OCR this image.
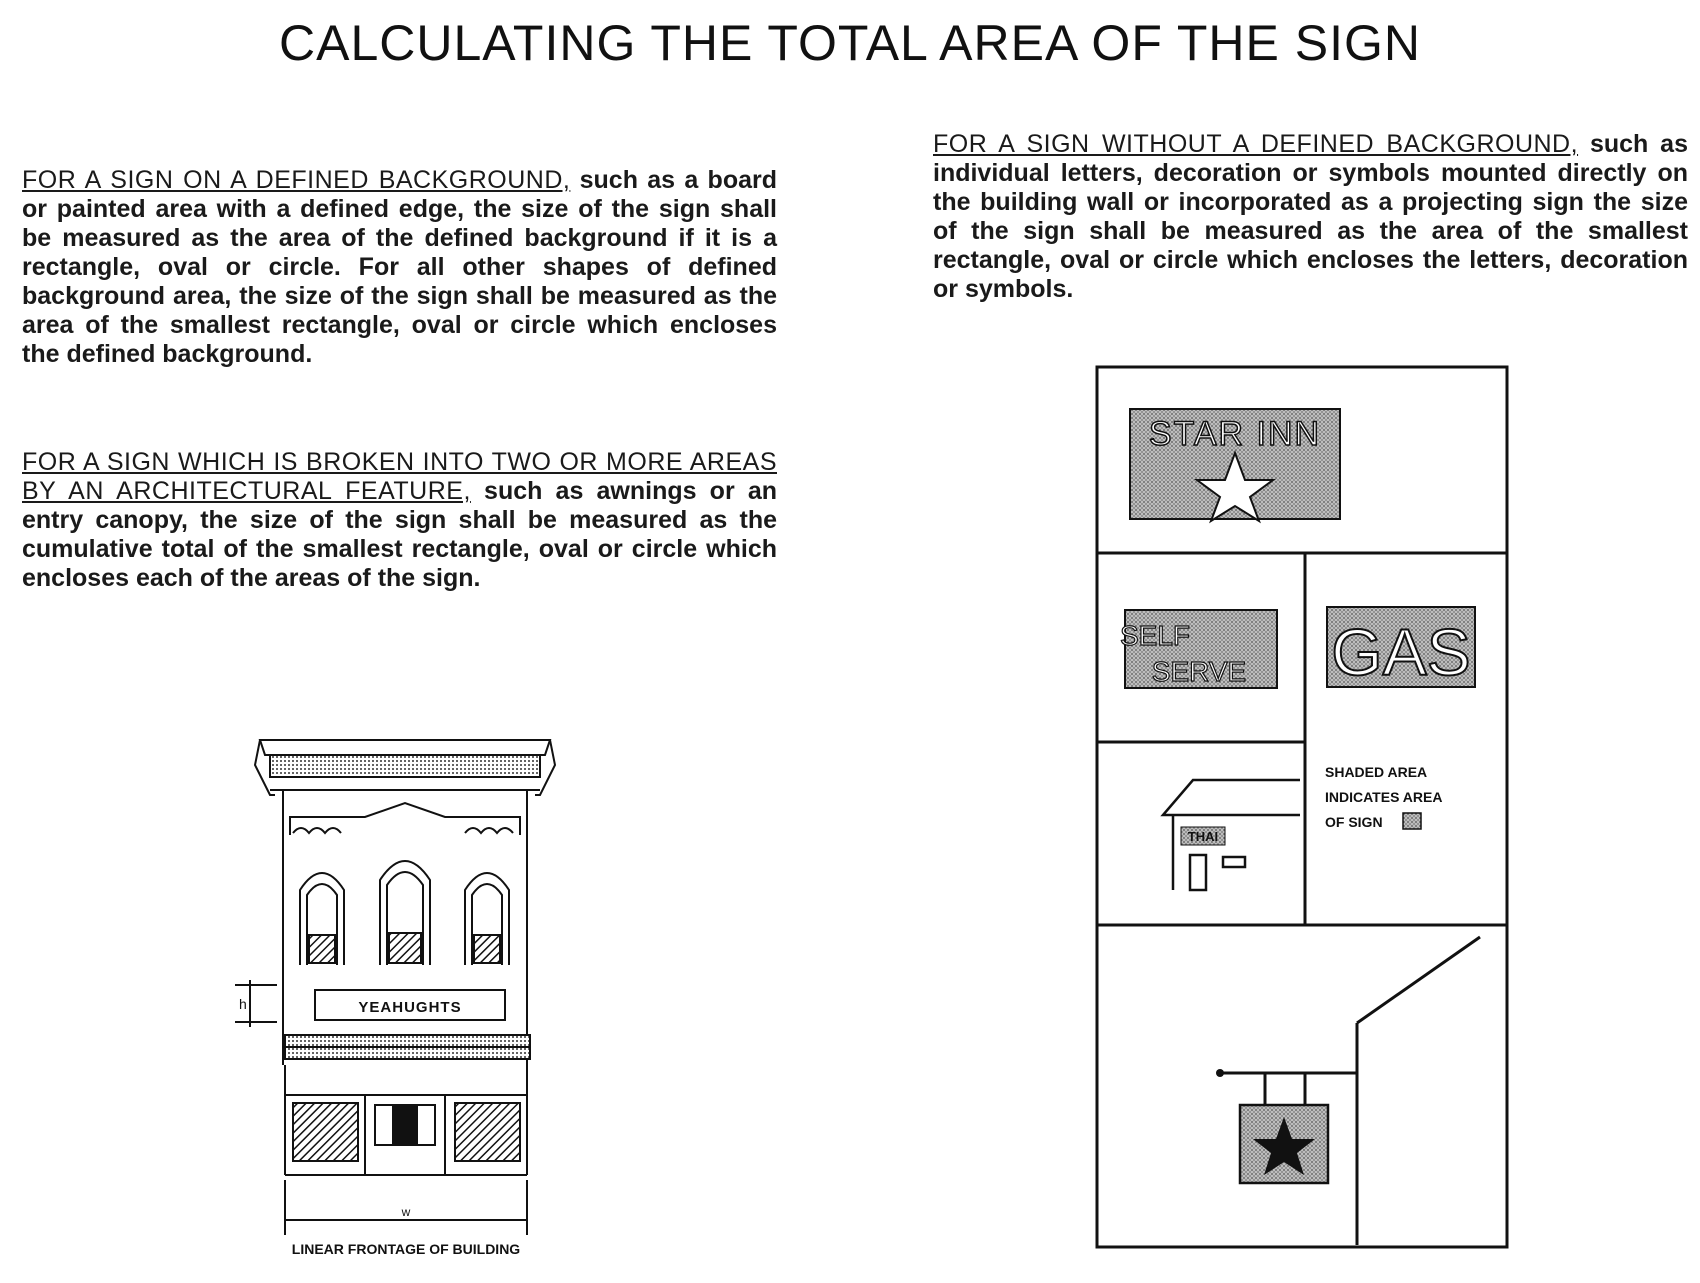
CALCULATING THE TOTAL AREA OF THE SIGN
FOR A SIGN ON A DEFINED BACKGROUND, such as a board or painted area with a defined edge, the size of the sign shall be measured as the area of the defined background if it is a rectangle, oval or circle. For all other shapes of defined background area, the size of the sign shall be measured as the area of the smallest rectangle, oval or circle which encloses the defined background.
FOR A SIGN WHICH IS BROKEN INTO TWO OR MORE AREAS BY AN ARCHITECTURAL FEATURE, such as awnings or an entry canopy, the size of the sign shall be measured as the cumulative total of the smallest rectangle, oval or circle which encloses each of the areas of the sign.
FOR A SIGN WITHOUT A DEFINED BACKGROUND, such as individual letters, decoration or symbols mounted directly on the building wall or incorporated as a projecting sign the size of the sign shall be measured as the area of the smallest rectangle, oval or circle which encloses the letters, decoration or symbols.
YEAHUGHTS
h
w
LINEAR FRONTAGE OF BUILDING
STAR INN
SELF
SERVE GAS
THAI
SHADED AREA
INDICATES AREA
OF SIGN
